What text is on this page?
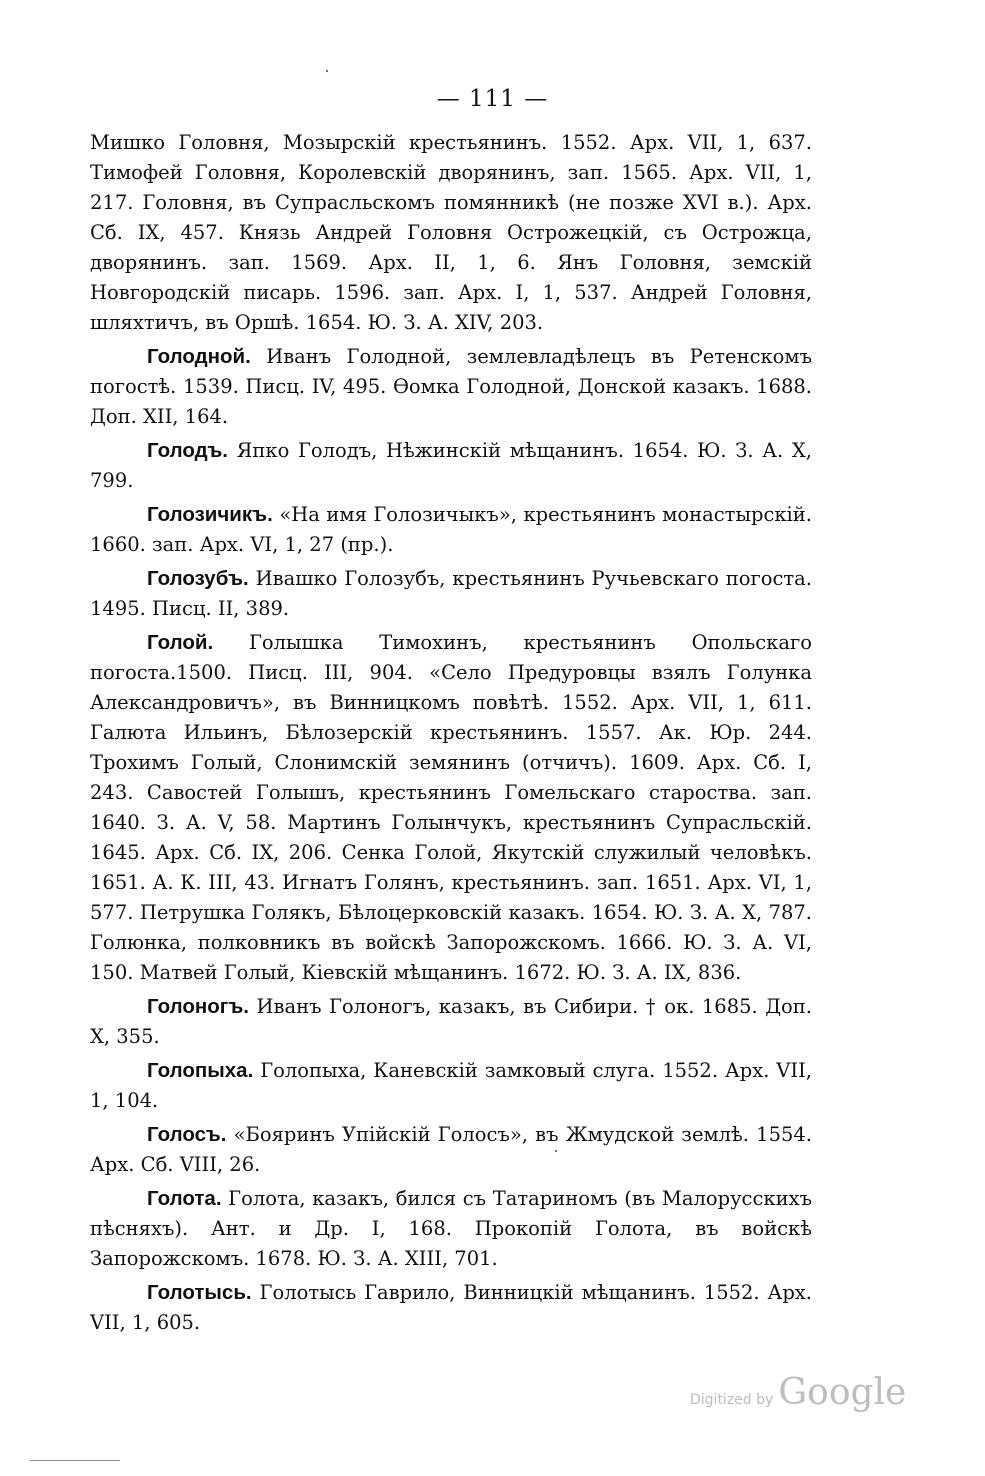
— 111 —

Мишко Головня, Мозырскій крестьянинъ. 1552. Арх. VII, 1, 637. Тимофей Головня, Королевскій дворянинъ, зап. 1565. Арх. VII, 1, 217. Головня, въ Супрасльскомъ помянникѣ (не позже XVI в.). Арх. Сб. IX, 457. Князь Андрей Головня Острожецкій, съ Острожца, дворянинъ. зап. 1569. Арх. II, 1, 6. Янъ Головня, земскій Новгородскій писарь. 1596. зап. Арх. I, 1, 537. Андрей Головня, шляхтичъ, въ Оршѣ. 1654. Ю. З. А. XIV, 203.

Голодной. Иванъ Голодной, землевладѣлецъ въ Ретенскомъ погостѣ. 1539. Писц. IV, 495. Өомка Голодной, Донской казакъ. 1688. Доп. XII, 164.

Голодъ. Япко Голодъ, Нѣжинскій мѣщанинъ. 1654. Ю. З. А. X, 799.

Голозичикъ. «На имя Голозичыкъ», крестьянинъ монастырскій. 1660. зап. Арх. VI, 1, 27 (пр.).

Голозубъ. Ивашко Голозубъ, крестьянинъ Ручьевскаго погоста. 1495. Писц. II, 389.

Голой. Голышка Тимохинъ, крестьянинъ Опольскаго погоста.1500. Писц. III, 904. «Село Предуровцы взялъ Голунка Александровичъ», въ Винницкомъ повѣтѣ. 1552. Арх. VII, 1, 611. Галюта Ильинъ, Бѣлозерскій крестьянинъ. 1557. Ак. Юр. 244. Трохимъ Голый, Слонимскій земянинъ (отчичъ). 1609. Арх. Сб. I, 243. Савостей Голышъ, крестьянинъ Гомельскаго староства. зап. 1640. З. А. V, 58. Мартинъ Голынчукъ, крестьянинъ Супрасльскій. 1645. Арх. Сб. IX, 206. Сенка Голой, Якутскій служилый человѣкъ. 1651. А. К. III, 43. Игнатъ Голянъ, крестьянинъ. зап. 1651. Арх. VI, 1, 577. Петрушка Голякъ, Бѣлоцерковскій казакъ. 1654. Ю. З. А. X, 787. Голюнка, полковникъ въ войскѣ Запорожскомъ. 1666. Ю. З. А. VI, 150. Матвей Голый, Кіевскій мѣщанинъ. 1672. Ю. З. А. IX, 836.

Голоногъ. Иванъ Голоногъ, казакъ, въ Сибири. † ок. 1685. Доп. X, 355.

Голопыха. Голопыха, Каневскій замковый слуга. 1552. Арх. VII, 1, 104.

Голосъ. «Бояринъ Упійскій Голосъ», въ Жмудской землѣ. 1554. Арх. Сб. VIII, 26.

Голота. Голота, казакъ, бился съ Татариномъ (въ Малорусскихъ пѣсняхъ). Ант. и Др. I, 168. Прокопій Голота, въ войскѣ Запорожскомъ. 1678. Ю. З. А. XIII, 701.

Голотысь. Голотысь Гаврило, Винницкій мѣщанинъ. 1552. Арх. VII, 1, 605.

Digitized by Google
